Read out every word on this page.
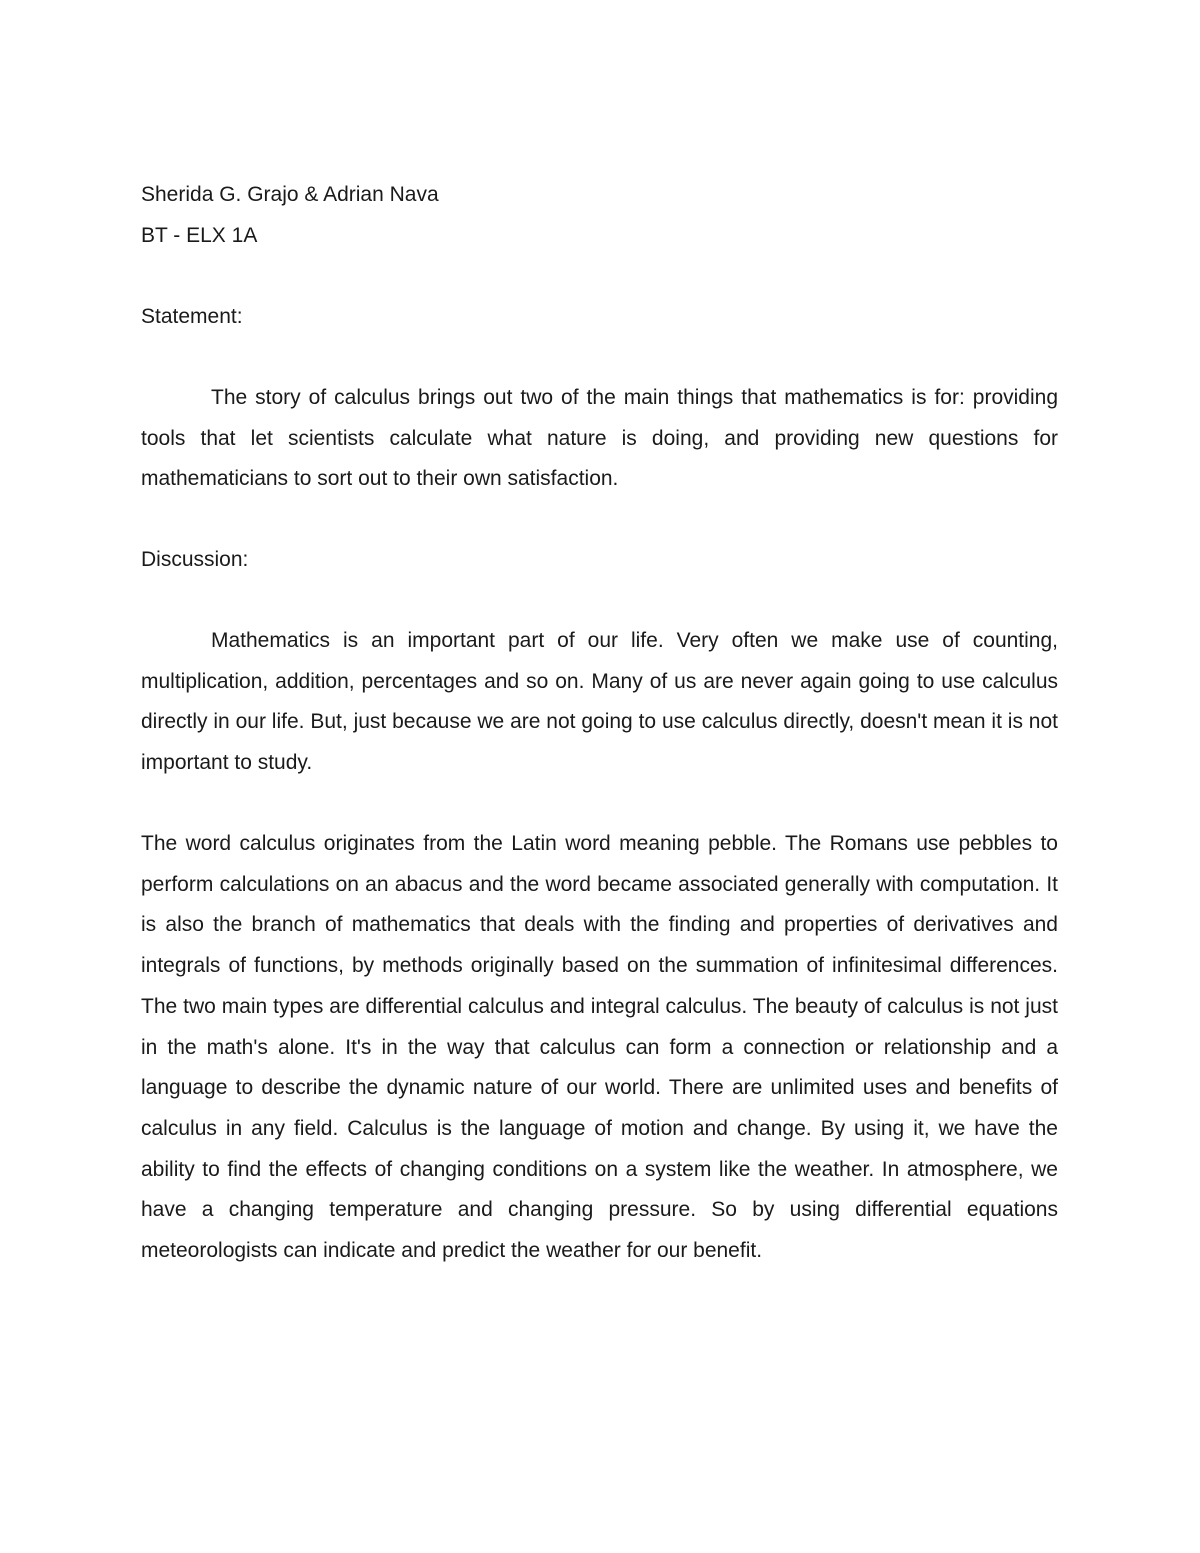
Sherida G. Grajo & Adrian Nava

BT - ELX 1A

Statement:

The story of calculus brings out two of the main things that mathematics is for: providing tools that let scientists calculate what nature is doing, and providing new questions for mathematicians to sort out to their own satisfaction.

Discussion:

Mathematics is an important part of our life. Very often we make use of counting, multiplication, addition, percentages and so on. Many of us are never again going to use calculus directly in our life. But, just because we are not going to use calculus directly, doesn't mean it is not important to study.

The word calculus originates from the Latin word meaning pebble. The Romans use pebbles to perform calculations on an abacus and the word became associated generally with computation. It is also the branch of mathematics that deals with the finding and properties of derivatives and integrals of functions, by methods originally based on the summation of infinitesimal differences. The two main types are differential calculus and integral calculus. The beauty of calculus is not just in the math's alone. It's in the way that calculus can form a connection or relationship and a language to describe the dynamic nature of our world. There are unlimited uses and benefits of calculus in any field. Calculus is the language of motion and change. By using it, we have the ability to find the effects of changing conditions on a system like the weather. In atmosphere, we have a changing temperature and changing pressure. So by using differential equations meteorologists can indicate and predict the weather for our benefit.
